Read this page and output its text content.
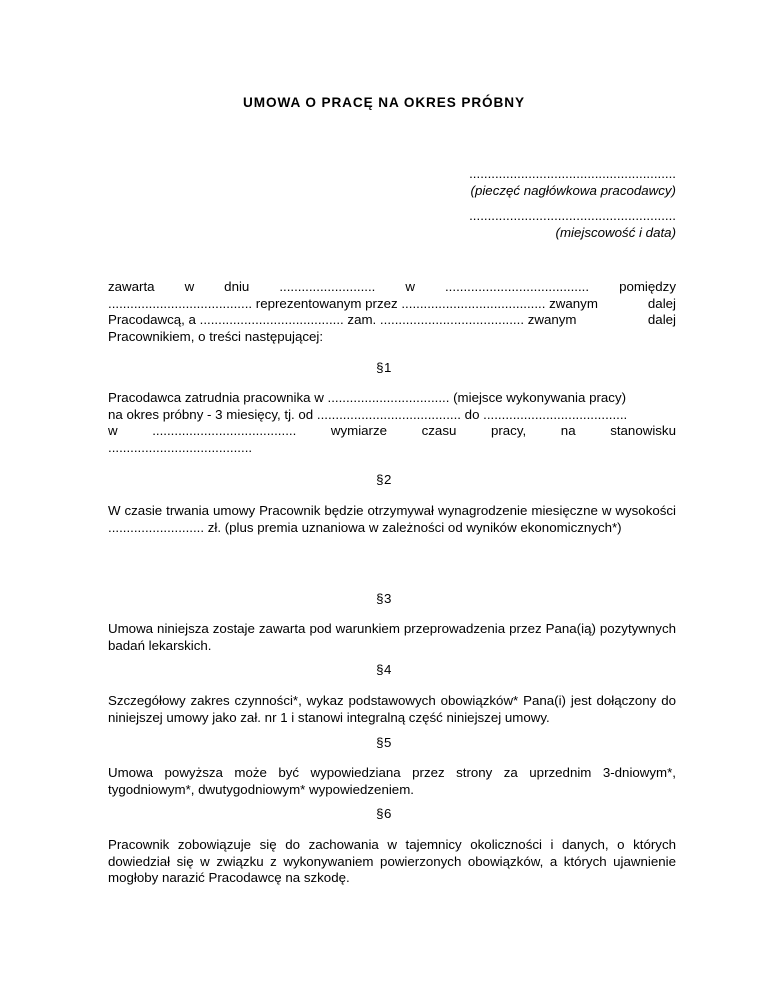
UMOWA O PRACĘ NA OKRES PRÓBNY
........................................................
(pieczęć nagłówkowa pracodawcy)
........................................................
(miejscowość i data)
zawarta w dniu .......................... w ....................................... pomiędzy
....................................... reprezentowanym przez ....................................... zwanym	dalej
Pracodawcą, a ....................................... zam. ....................................... zwanym	dalej
Pracownikiem, o treści następującej:
§1
Pracodawca zatrudnia pracownika w ................................. (miejsce wykonywania pracy)
na okres próbny - 3 miesięcy, tj. od ....................................... do .......................................
w	.......................................	wymiarze	czasu	pracy,	na	stanowisku
.......................................
§2
W czasie trwania umowy Pracownik będzie otrzymywał wynagrodzenie miesięczne w wysokości .......................... zł. (plus premia uznaniowa w zależności od wyników ekonomicznych*)
§3
Umowa niniejsza zostaje zawarta pod warunkiem przeprowadzenia przez Pana(ią) pozytywnych badań lekarskich.
§4
Szczegółowy zakres czynności*, wykaz podstawowych obowiązków* Pana(i) jest dołączony do niniejszej umowy jako zał. nr 1 i stanowi integralną część niniejszej umowy.
§5
Umowa powyższa może być wypowiedziana przez strony za uprzednim 3-dniowym*, tygodniowym*, dwutygodniowym* wypowiedzeniem.
§6
Pracownik zobowiązuje się do zachowania w tajemnicy okoliczności i danych, o których dowiedział się w związku z wykonywaniem powierzonych obowiązków, a których ujawnienie mogłoby narazić Pracodawcę na szkodę.
